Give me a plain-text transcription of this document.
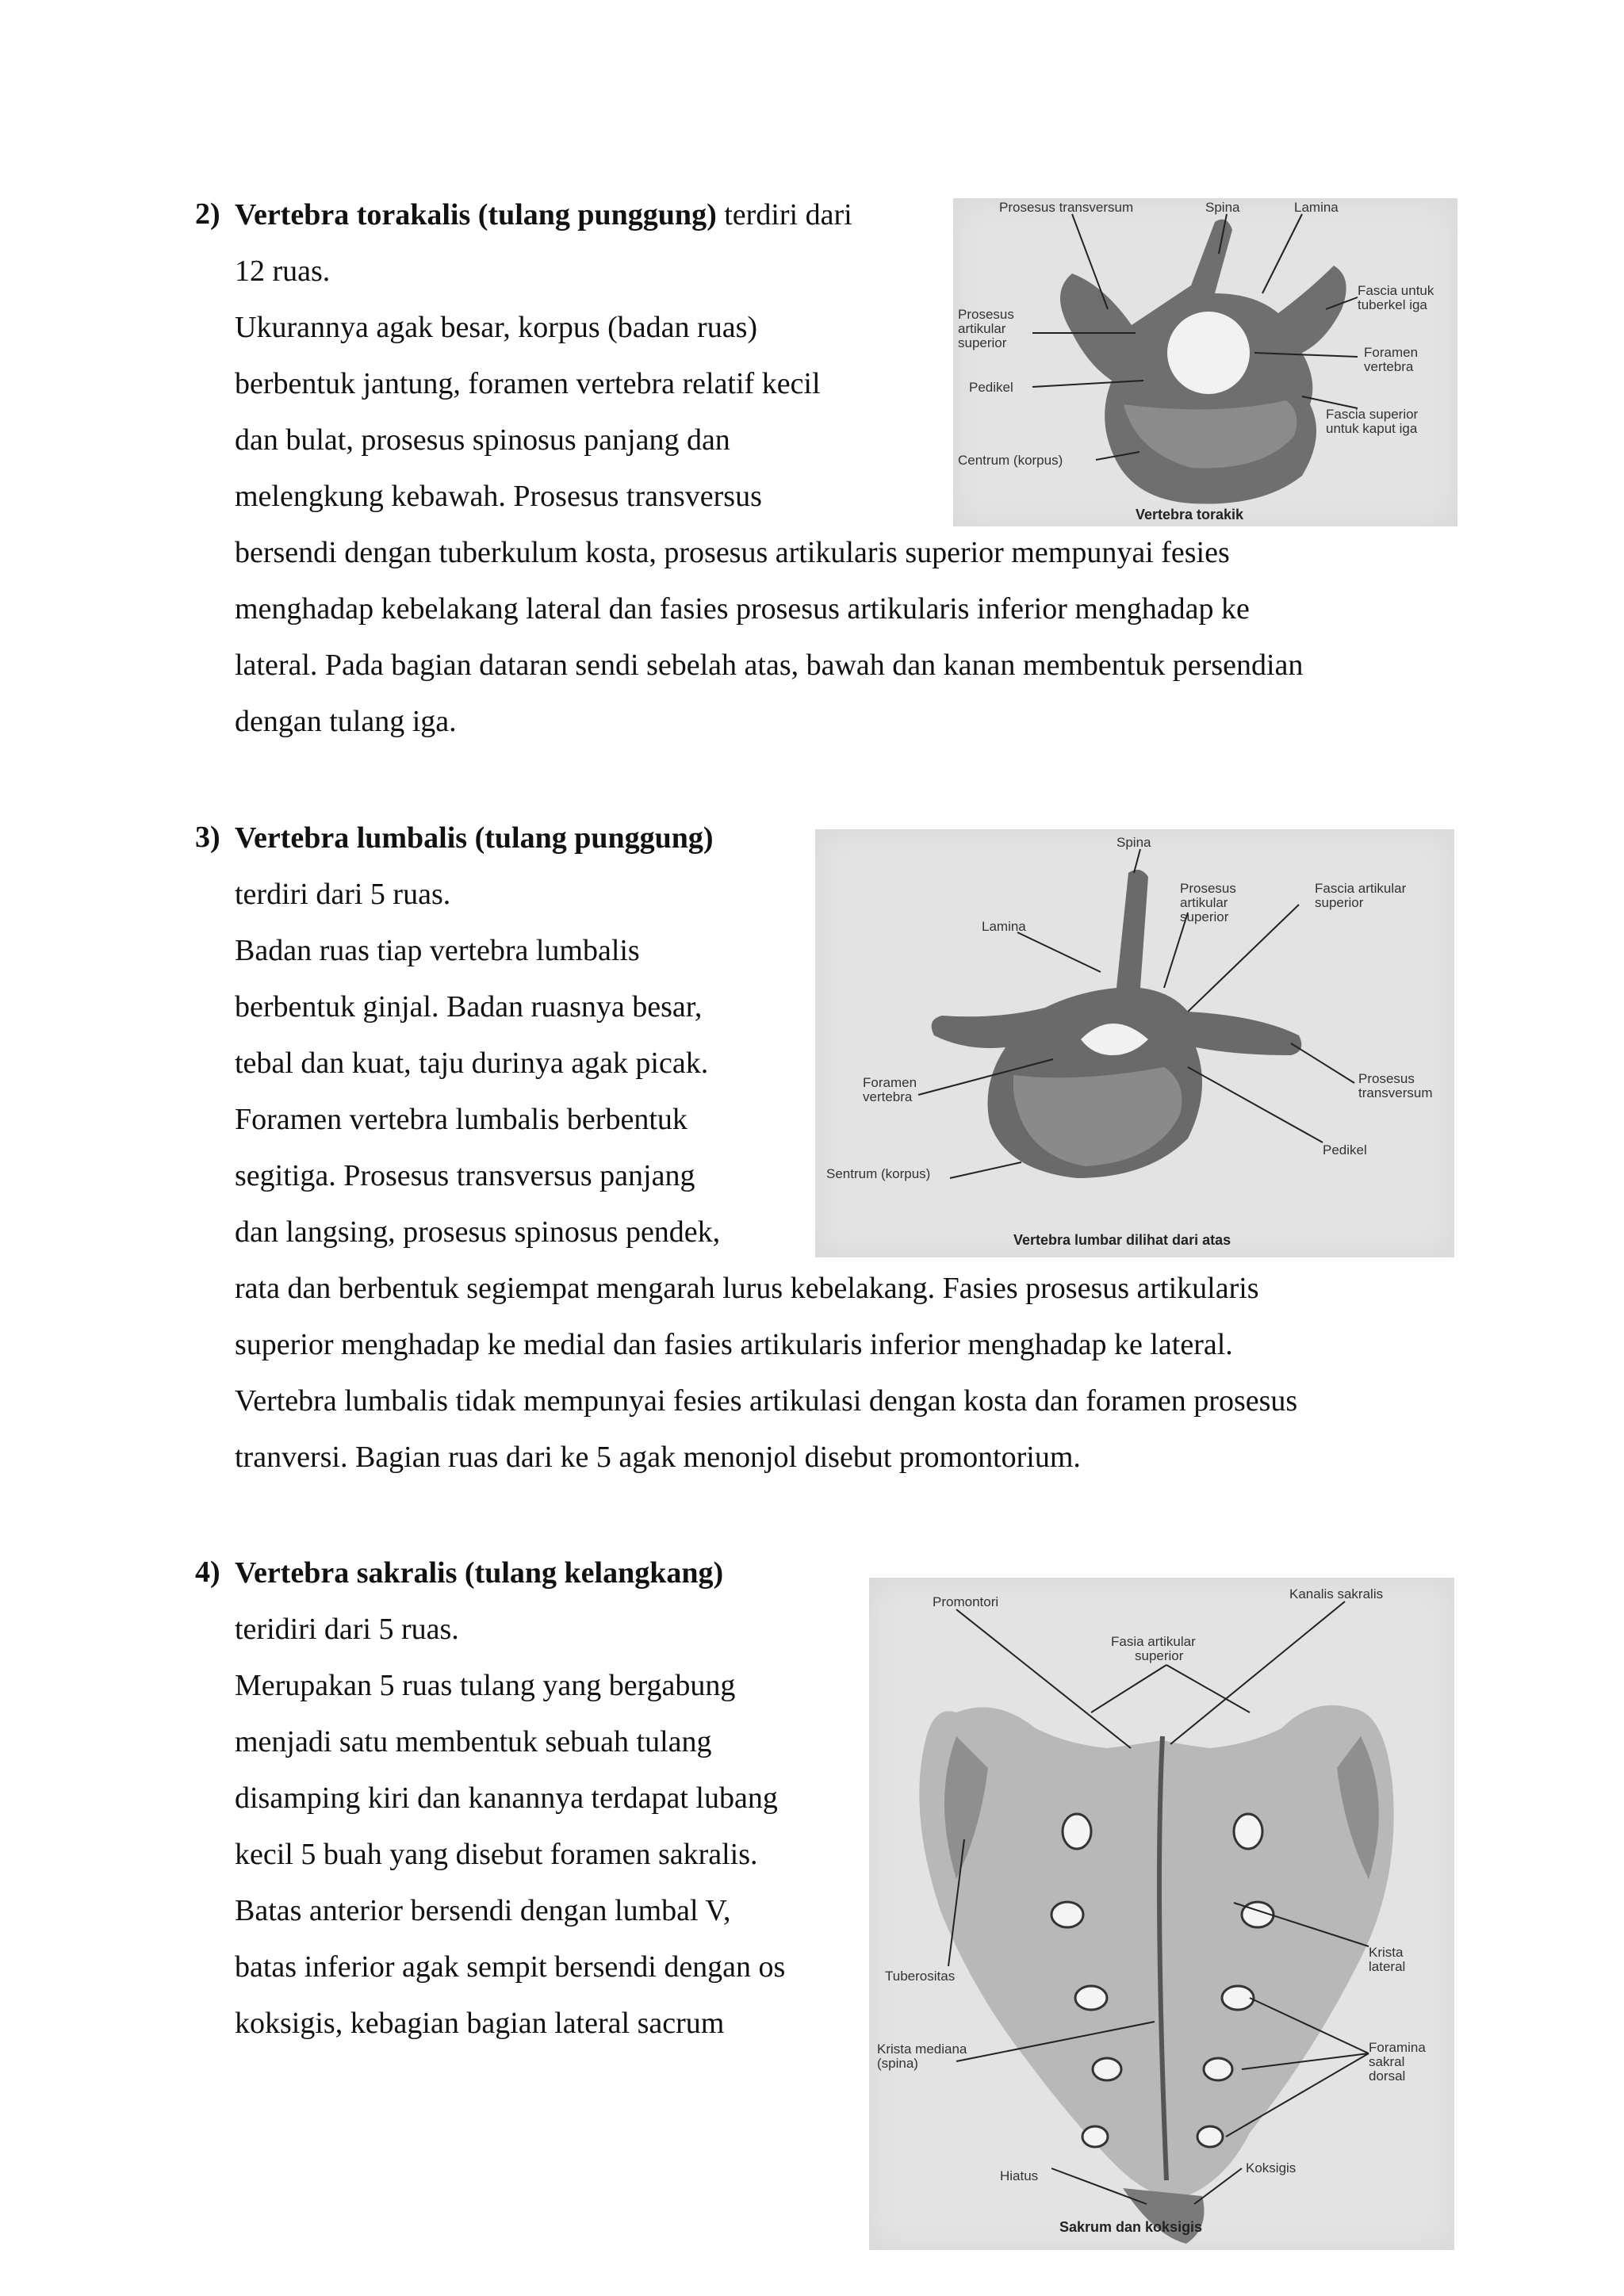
2) Vertebra torakalis (tulang punggung) terdiri dari
12 ruas.
Ukurannya agak besar, korpus (badan ruas)
berbentuk jantung, foramen vertebra relatif kecil
dan bulat, prosesus spinosus panjang dan
melengkung kebawah. Prosesus transversus
bersendi dengan tuberkulum kosta, prosesus artikularis superior mempunyai fesies
menghadap kebelakang lateral dan fasies prosesus artikularis inferior menghadap ke
lateral. Pada bagian dataran sendi sebelah atas, bawah dan kanan membentuk persendian
dengan tulang iga.
Prosesus transversum	Spina	Lamina
Fascia untuk
tuberkel iga
Prosesus
artikular
superior
Foramen
vertebra
Pedikel
Fascia superior
untuk kaput iga
Centrum (korpus)
Vertebra torakik
3) Vertebra lumbalis (tulang punggung)
terdiri dari 5 ruas.
Badan ruas tiap vertebra lumbalis
berbentuk ginjal. Badan ruasnya besar,
tebal dan kuat, taju durinya agak picak.
Foramen vertebra lumbalis berbentuk
segitiga. Prosesus transversus panjang
dan langsing, prosesus spinosus pendek,
rata dan berbentuk segiempat mengarah lurus kebelakang. Fasies prosesus artikularis
superior menghadap ke medial dan fasies artikularis inferior menghadap ke lateral.
Vertebra lumbalis tidak mempunyai fesies artikulasi dengan kosta dan foramen prosesus
tranversi. Bagian ruas dari ke 5 agak menonjol disebut promontorium.
Spina
Prosesus
artikular
superior
Fascia artikular
superior
Lamina
Foramen
vertebra
Prosesus
transversum
Pedikel
Sentrum (korpus)
Vertebra lumbar dilihat dari atas
4) Vertebra sakralis (tulang kelangkang)
teridiri dari 5 ruas.
Merupakan 5 ruas tulang yang bergabung
menjadi satu membentuk sebuah tulang
disamping kiri dan kanannya terdapat lubang
kecil 5 buah yang disebut foramen sakralis.
Batas anterior bersendi dengan lumbal V,
batas inferior agak sempit bersendi dengan os
koksigis, kebagian bagian lateral sacrum
Promontori
Kanalis sakralis
Fasia artikular
superior
Tuberositas
Krista
lateral
Krista mediana
(spina)
Foramina
sakral
dorsal
Hiatus
Koksigis
Sakrum dan koksigis
